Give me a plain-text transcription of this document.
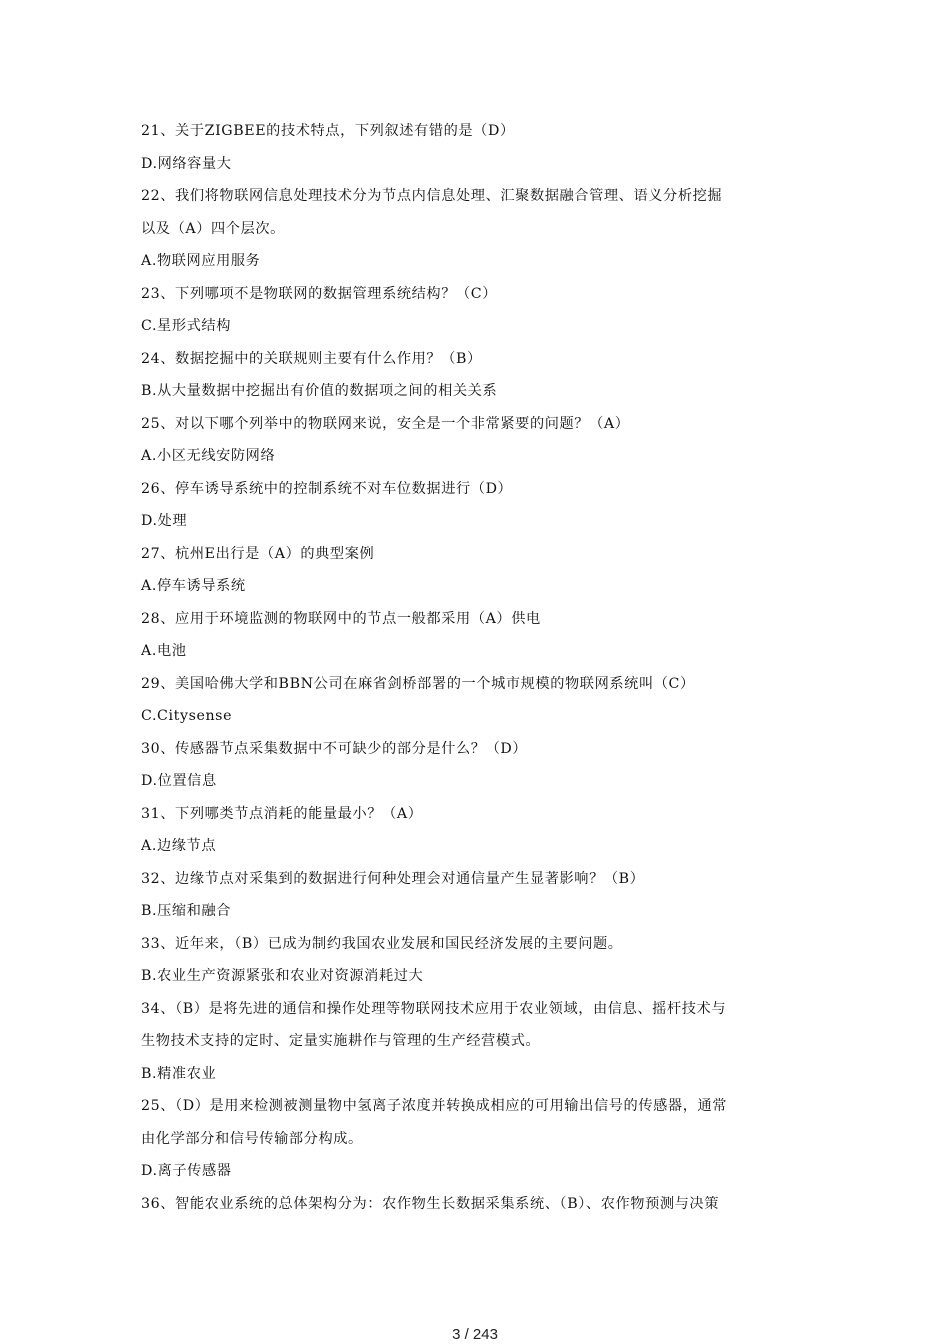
21、关于ZIGBEE的技术特点，下列叙述有错的是（D）
D.网络容量大
22、我们将物联网信息处理技术分为节点内信息处理、汇聚数据融合管理、语义分析挖掘
以及（A）四个层次。
A.物联网应用服务
23、下列哪项不是物联网的数据管理系统结构？（C）
C.星形式结构
24、数据挖掘中的关联规则主要有什么作用？（B）
B.从大量数据中挖掘出有价值的数据项之间的相关关系
25、对以下哪个列举中的物联网来说，安全是一个非常紧要的问题？（A）
A.小区无线安防网络
26、停车诱导系统中的控制系统不对车位数据进行（D）
D.处理
27、杭州E出行是（A）的典型案例
A.停车诱导系统
28、应用于环境监测的物联网中的节点一般都采用（A）供电
A.电池
29、美国哈佛大学和BBN公司在麻省剑桥部署的一个城市规模的物联网系统叫（C）
C.Citysense
30、传感器节点采集数据中不可缺少的部分是什么？（D）
D.位置信息
31、下列哪类节点消耗的能量最小？（A）
A.边缘节点
32、边缘节点对采集到的数据进行何种处理会对通信量产生显著影响？（B）
B.压缩和融合
33、近年来，（B）已成为制约我国农业发展和国民经济发展的主要问题。
B.农业生产资源紧张和农业对资源消耗过大
34、（B）是将先进的通信和操作处理等物联网技术应用于农业领域，由信息、摇杆技术与
生物技术支持的定时、定量实施耕作与管理的生产经营模式。
B.精准农业
25、（D）是用来检测被测量物中氢离子浓度并转换成相应的可用输出信号的传感器，通常
由化学部分和信号传输部分构成。
D.离子传感器
36、智能农业系统的总体架构分为：农作物生长数据采集系统、（B）、农作物预测与决策
3 / 243
